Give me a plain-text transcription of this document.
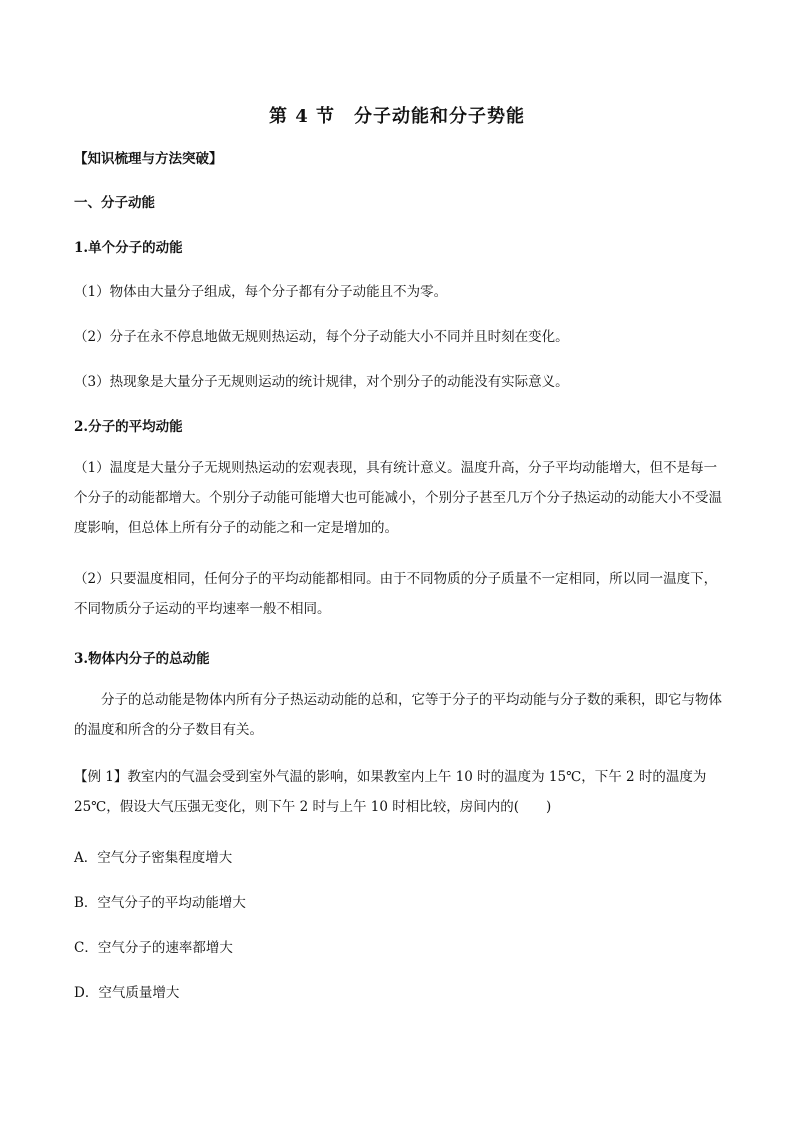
第 4 节　分子动能和分子势能
【知识梳理与方法突破】
一、分子动能
1.单个分子的动能
（1）物体由大量分子组成，每个分子都有分子动能且不为零。
（2）分子在永不停息地做无规则热运动，每个分子动能大小不同并且时刻在变化。
（3）热现象是大量分子无规则运动的统计规律，对个别分子的动能没有实际意义。
2.分子的平均动能
（1）温度是大量分子无规则热运动的宏观表现，具有统计意义。温度升高，分子平均动能增大，但不是每一个分子的动能都增大。个别分子动能可能增大也可能减小，个别分子甚至几万个分子热运动的动能大小不受温度影响，但总体上所有分子的动能之和一定是增加的。
（2）只要温度相同，任何分子的平均动能都相同。由于不同物质的分子质量不一定相同，所以同一温度下，不同物质分子运动的平均速率一般不相同。
3.物体内分子的总动能
分子的总动能是物体内所有分子热运动动能的总和，它等于分子的平均动能与分子数的乘积，即它与物体的温度和所含的分子数目有关。
【例 1】教室内的气温会受到室外气温的影响，如果教室内上午 10 时的温度为 15℃，下午 2 时的温度为 25℃，假设大气压强无变化，则下午 2 时与上午 10 时相比较，房间内的(　　)
A．空气分子密集程度增大
B．空气分子的平均动能增大
C．空气分子的速率都增大
D．空气质量增大
